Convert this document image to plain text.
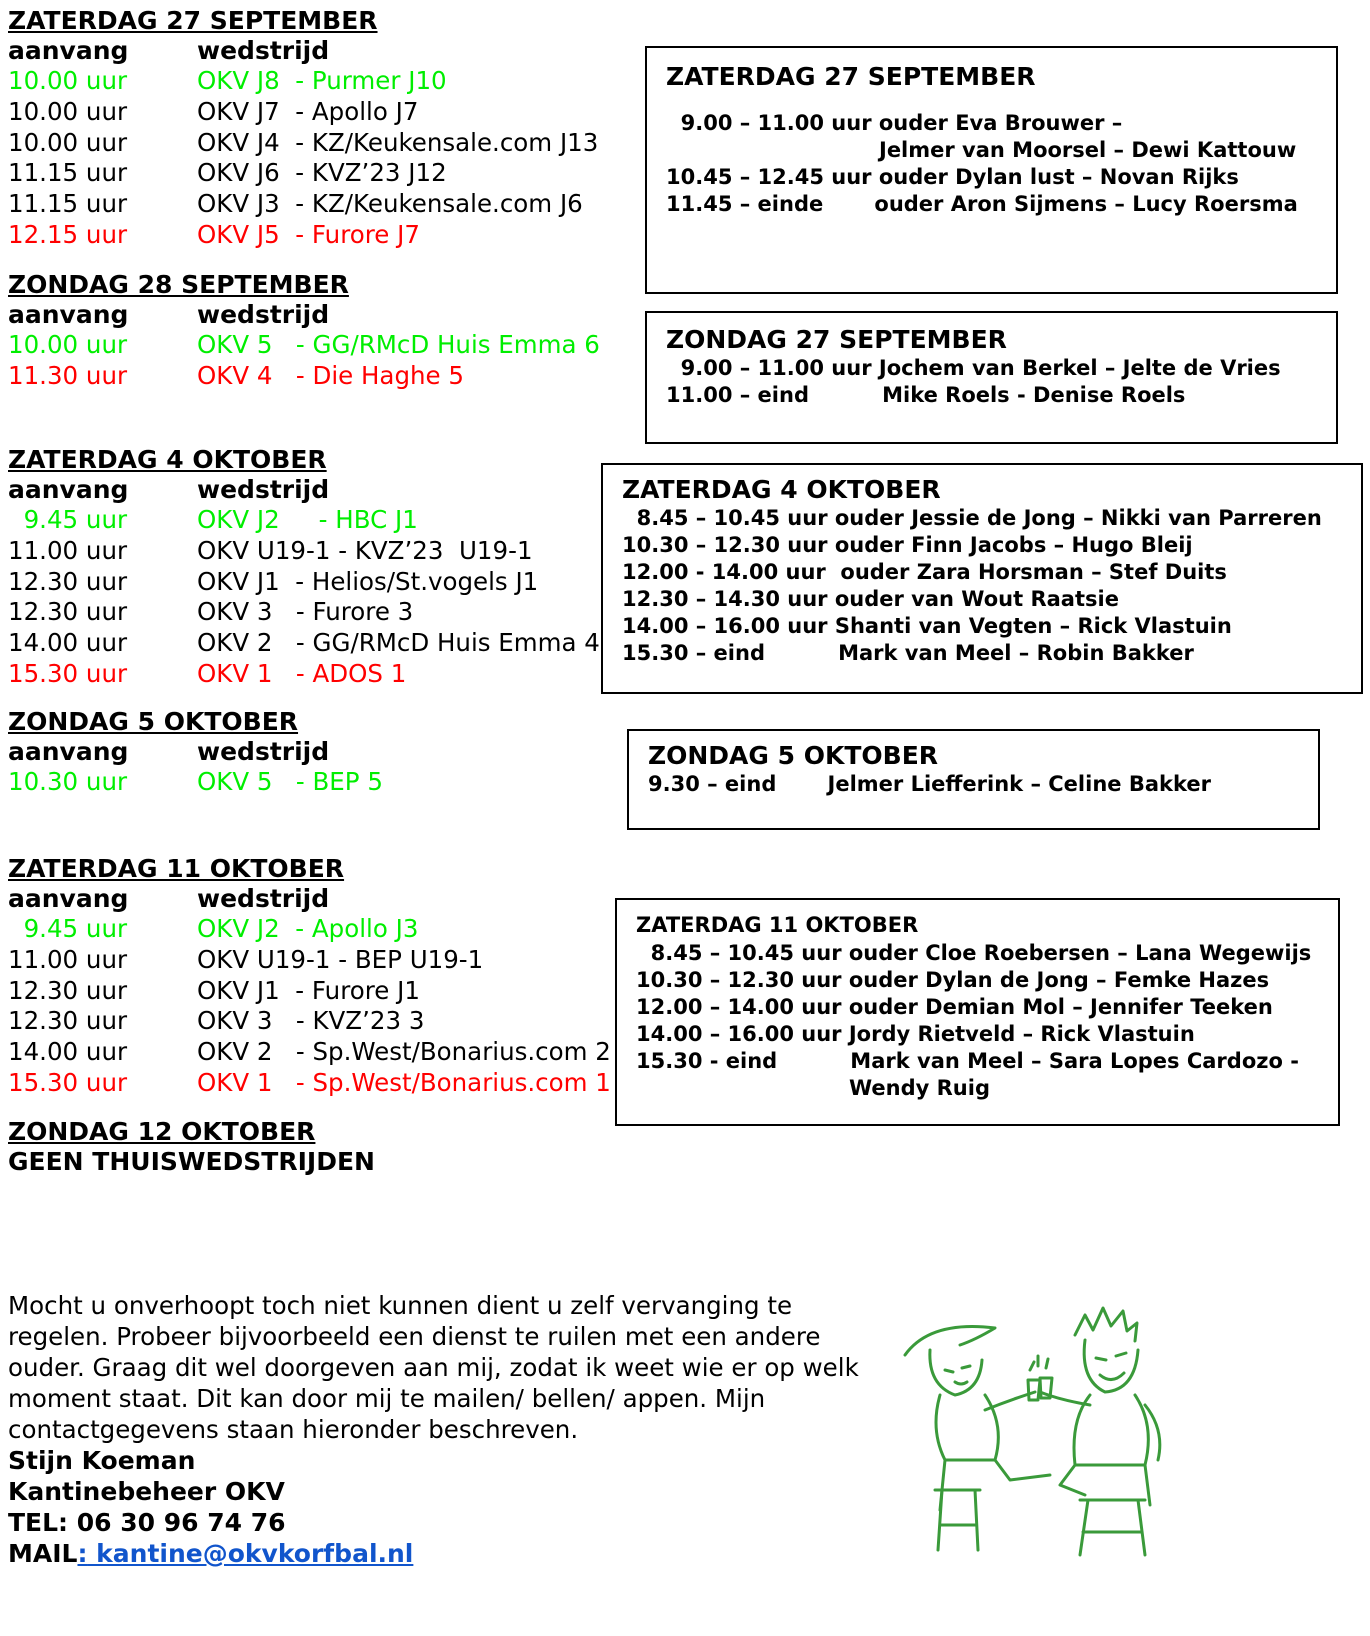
ZATERDAG 27 SEPTEMBER
aanvang	wedstrijd
10.00 uur	OKV J8  - Purmer J10
10.00 uur	OKV J7  - Apollo J7
10.00 uur	OKV J4  - KZ/Keukensale.com J13
11.15 uur	OKV J6  - KVZ’23 J12
11.15 uur	OKV J3  - KZ/Keukensale.com J6
12.15 uur	OKV J5  - Furore J7
ZONDAG 28 SEPTEMBER
aanvang	wedstrijd
10.00 uur	OKV 5   - GG/RMcD Huis Emma 6
11.30 uur	OKV 4   - Die Haghe 5
ZATERDAG 4 OKTOBER
aanvang	wedstrijd
9.45 uur	OKV J2     - HBC J1
11.00 uur	OKV U19-1 - KVZ’23  U19-1
12.30 uur	OKV J1  - Helios/St.vogels J1
12.30 uur	OKV 3   - Furore 3
14.00 uur	OKV 2   - GG/RMcD Huis Emma 4
15.30 uur	OKV 1   - ADOS 1
ZONDAG 5 OKTOBER
aanvang	wedstrijd
10.30 uur	OKV 5   - BEP 5
ZATERDAG 11 OKTOBER
aanvang	wedstrijd
9.45 uur	OKV J2  - Apollo J3
11.00 uur	OKV U19-1 - BEP U19-1
12.30 uur	OKV J1  - Furore J1
12.30 uur	OKV 3   - KVZ’23 3
14.00 uur	OKV 2   - Sp.West/Bonarius.com 2
15.30 uur	OKV 1   - Sp.West/Bonarius.com 1
ZONDAG 12 OKTOBER
GEEN THUISWEDSTRIJDEN
ZATERDAG 27 SEPTEMBER
9.00 – 11.00 uur ouder Eva Brouwer –
Jelmer van Moorsel – Dewi Kattouw
10.45 – 12.45 uur ouder Dylan lust – Novan Rijks
11.45 – einde ouder Aron Sijmens – Lucy Roersma
ZONDAG 27 SEPTEMBER
9.00 – 11.00 uur Jochem van Berkel – Jelte de Vries
11.00 – eind Mike Roels - Denise Roels
ZATERDAG 4 OKTOBER
8.45 – 10.45 uur ouder Jessie de Jong – Nikki van Parreren
10.30 – 12.30 uur ouder Finn Jacobs – Hugo Bleij
12.00 - 14.00 uur ouder Zara Horsman – Stef Duits
12.30 – 14.30 uur ouder van Wout Raatsie
14.00 – 16.00 uur Shanti van Vegten – Rick Vlastuin
15.30 – eind Mark van Meel – Robin Bakker
ZONDAG 5 OKTOBER
9.30 – eind Jelmer Liefferink – Celine Bakker
ZATERDAG 11 OKTOBER
8.45 – 10.45 uur ouder Cloe Roebersen – Lana Wegewijs
10.30 – 12.30 uur ouder Dylan de Jong – Femke Hazes
12.00 – 14.00 uur ouder Demian Mol – Jennifer Teeken
14.00 – 16.00 uur Jordy Rietveld – Rick Vlastuin
15.30 - eind Mark van Meel – Sara Lopes Cardozo -
Wendy Ruig
Mocht u onverhoopt toch niet kunnen dient u zelf vervanging te regelen. Probeer bijvoorbeeld een dienst te ruilen met een andere ouder. Graag dit wel doorgeven aan mij, zodat ik weet wie er op welk moment staat. Dit kan door mij te mailen/ bellen/ appen. Mijn contactgegevens staan hieronder beschreven.
Stijn Koeman
Kantinebeheer OKV
TEL: 06 30 96 74 76
MAIL: kantine@okvkorfbal.nl
